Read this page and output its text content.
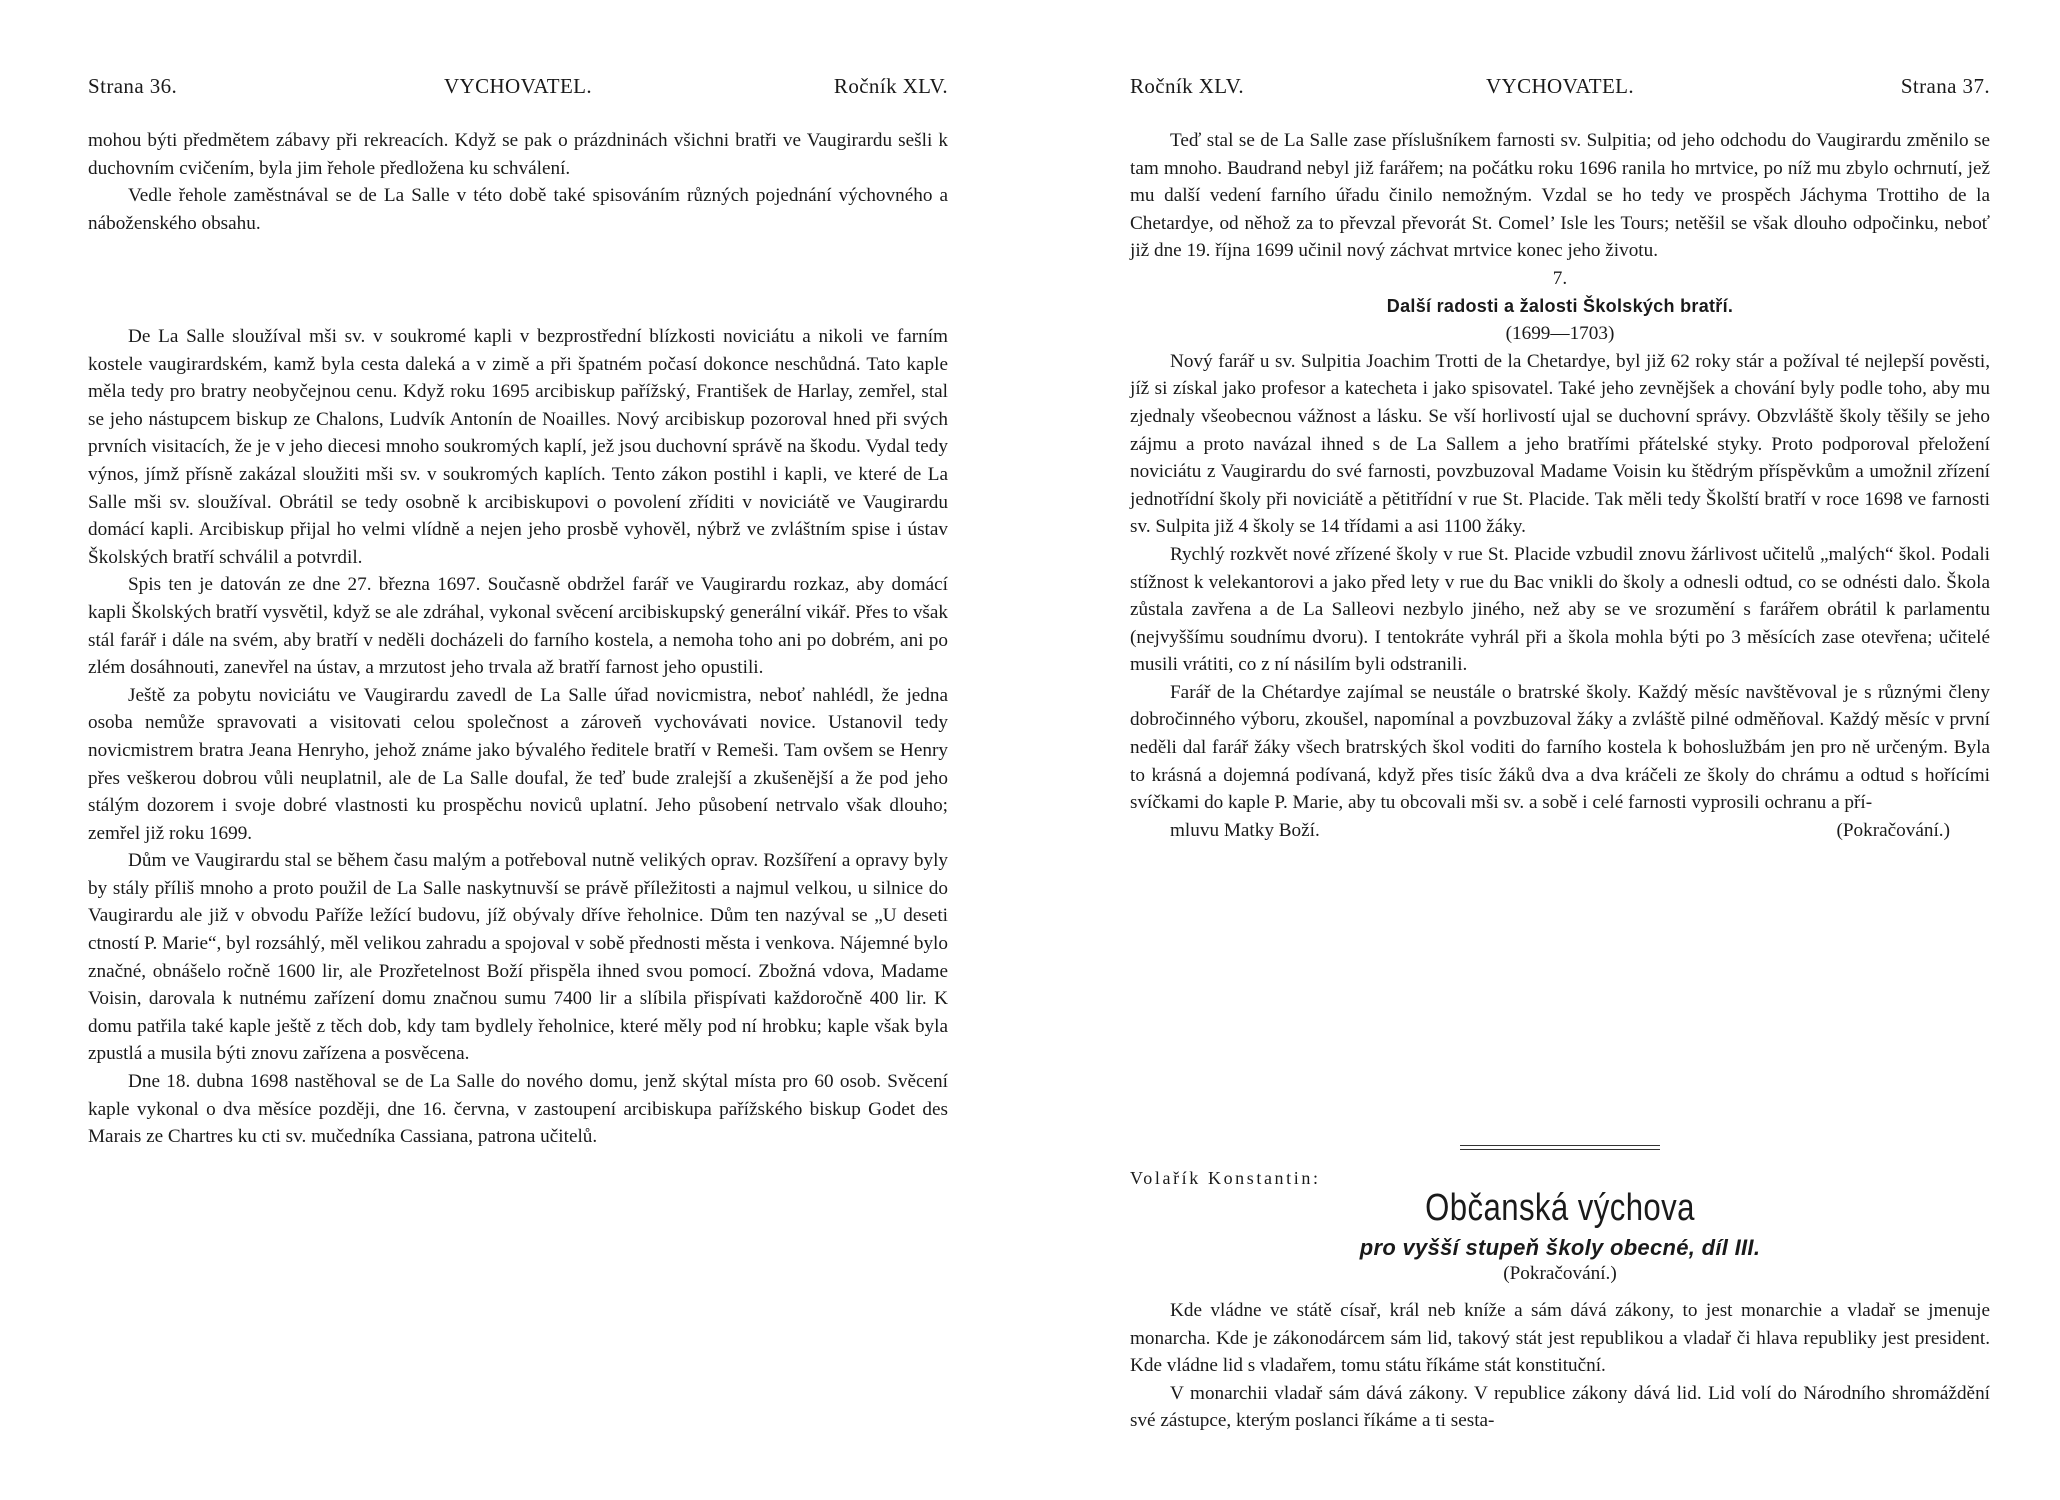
Strana 36.	VYCHOVATEL.	Ročník XLV.

mohou býti předmětem zábavy při rekreacích. Když se pak o prázdninách všichni bratři ve Vaugirardu sešli k duchovním cvičením, byla jim řehole předložena ku schválení.

Vedle řehole zaměstnával se de La Salle v této době také spisováním různých pojednání výchovného a náboženského obsahu.

De La Salle sloužíval mši sv. v soukromé kapli v bezprostřední blízkosti noviciátu a nikoli ve farním kostele vaugirardském, kamž byla cesta daleká a v zimě a při špatném počasí dokonce neschůdná. Tato kaple měla tedy pro bratry neobyčejnou cenu. Když roku 1695 arcibiskup pařížský, František de Harlay, zemřel, stal se jeho nástupcem biskup ze Chalons, Ludvík Antonín de Noailles. Nový arcibiskup pozoroval hned při svých prvních visitacích, že je v jeho diecesi mnoho soukromých kaplí, jež jsou duchovní správě na škodu. Vydal tedy výnos, jímž přísně zakázal sloužiti mši sv. v soukromých kaplích. Tento zákon postihl i kapli, ve které de La Salle mši sv. sloužíval. Obrátil se tedy osobně k arcibiskupovi o povolení zříditi v noviciátě ve Vaugirardu domácí kapli. Arcibiskup přijal ho velmi vlídně a nejen jeho prosbě vyhověl, nýbrž ve zvláštním spise i ústav Školských bratří schválil a potvrdil.

Spis ten je datován ze dne 27. března 1697. Současně obdržel farář ve Vaugirardu rozkaz, aby domácí kapli Školských bratří vysvětil, když se ale zdráhal, vykonal svěcení arcibiskupský generální vikář. Přes to však stál farář i dále na svém, aby bratří v neděli docházeli do farního kostela, a nemoha toho ani po dobrém, ani po zlém dosáhnouti, zanevřel na ústav, a mrzutost jeho trvala až bratří farnost jeho opustili.

Ještě za pobytu noviciátu ve Vaugirardu zavedl de La Salle úřad novicmistra, neboť nahlédl, že jedna osoba nemůže spravovati a visitovati celou společnost a zároveň vychovávati novice. Ustanovil tedy novicmistrem bratra Jeana Henryho, jehož známe jako bývalého ředitele bratří v Remeši. Tam ovšem se Henry přes veškerou dobrou vůli neuplatnil, ale de La Salle doufal, že teď bude zralejší a zkušenější a že pod jeho stálým dozorem i svoje dobré vlastnosti ku prospěchu noviců uplatní. Jeho působení netrvalo však dlouho; zemřel již roku 1699.

Dům ve Vaugirardu stal se během času malým a potřeboval nutně velikých oprav. Rozšíření a opravy byly by stály příliš mnoho a proto použil de La Salle naskytnuvší se právě příležitosti a najmul velkou, u silnice do Vaugirardu ale již v obvodu Paříže ležící budovu, jíž obývaly dříve řeholnice. Dům ten nazýval se „U deseti ctností P. Marie“, byl rozsáhlý, měl velikou zahradu a spojoval v sobě přednosti města i venkova. Nájemné bylo značné, obnášelo ročně 1600 lir, ale Prozřetelnost Boží přispěla ihned svou pomocí. Zbožná vdova, Madame Voisin, darovala k nutnému zařízení domu značnou sumu 7400 lir a slíbila přispívati každoročně 400 lir. K domu patřila také kaple ještě z těch dob, kdy tam bydlely řeholnice, které měly pod ní hrobku; kaple však byla zpustlá a musila býti znovu zařízena a posvěcena.

Dne 18. dubna 1698 nastěhoval se de La Salle do nového domu, jenž skýtal místa pro 60 osob. Svěcení kaple vykonal o dva měsíce později, dne 16. června, v zastoupení arcibiskupa pařížského biskup Godet des Marais ze Chartres ku cti sv. mučedníka Cassiana, patrona učitelů.

Ročník XLV.	VYCHOVATEL.	Strana 37.

Teď stal se de La Salle zase příslušníkem farnosti sv. Sulpitia; od jeho odchodu do Vaugirardu změnilo se tam mnoho. Baudrand nebyl již farářem; na počátku roku 1696 ranila ho mrtvice, po níž mu zbylo ochrnutí, jež mu další vedení farního úřadu činilo nemožným. Vzdal se ho tedy ve prospěch Jáchyma Trottiho de la Chetardye, od něhož za to převzal převorát St. Comel’ Isle les Tours; netěšil se však dlouho odpočinku, neboť již dne 19. října 1699 učinil nový záchvat mrtvice konec jeho životu.

7.

Další radosti a žalosti Školských bratří.

(1699—1703)

Nový farář u sv. Sulpitia Joachim Trotti de la Chetardye, byl již 62 roky stár a požíval té nejlepší pověsti, jíž si získal jako profesor a katecheta i jako spisovatel. Také jeho zevnějšek a chování byly podle toho, aby mu zjednaly všeobecnou vážnost a lásku. Se vší horlivostí ujal se duchovní správy. Obzvláště školy těšily se jeho zájmu a proto navázal ihned s de La Sallem a jeho bratřími přátelské styky. Proto podporoval přeložení noviciátu z Vaugirardu do své farnosti, povzbuzoval Madame Voisin ku štědrým příspěvkům a umožnil zřízení jednotřídní školy při noviciátě a pětitřídní v rue St. Placide. Tak měli tedy Školští bratří v roce 1698 ve farnosti sv. Sulpita již 4 školy se 14 třídami a asi 1100 žáky.

Rychlý rozkvět nové zřízené školy v rue St. Placide vzbudil znovu žárlivost učitelů „malých“ škol. Podali stížnost k velekantorovi a jako před lety v rue du Bac vnikli do školy a odnesli odtud, co se odnésti dalo. Škola zůstala zavřena a de La Salleovi nezbylo jiného, než aby se ve srozumění s farářem obrátil k parlamentu (nejvyššímu soudnímu dvoru). I tentokráte vyhrál při a škola mohla býti po 3 měsících zase otevřena; učitelé musili vrátiti, co z ní násilím byli odstranili.

Farář de la Chétardye zajímal se neustále o bratrské školy. Každý měsíc navštěvoval je s různými členy dobročinného výboru, zkoušel, napomínal a povzbuzoval žáky a zvláště pilné odměňoval. Každý měsíc v první neděli dal farář žáky všech bratrských škol voditi do farního kostela k bohoslužbám jen pro ně určeným. Byla to krásná a dojemná podívaná, když přes tisíc žáků dva a dva kráčeli ze školy do chrámu a odtud s hořícími svíčkami do kaple P. Marie, aby tu obcovali mši sv. a sobě i celé farnosti vyprosili ochranu a pří-

mluvu Matky Boží.	(Pokračování.)
Volařík Konstantin:
Občanská výchova
pro vyšší stupeň školy obecné, díl III.
(Pokračování.)

Kde vládne ve státě císař, král neb kníže a sám dává zákony, to jest monarchie a vladař se jmenuje monarcha. Kde je zákonodárcem sám lid, takový stát jest republikou a vladař či hlava republiky jest president. Kde vládne lid s vladařem, tomu státu říkáme stát konstituční.

V monarchii vladař sám dává zákony. V republice zákony dává lid. Lid volí do Národního shromáždění své zástupce, kterým poslanci říkáme a ti sesta-
